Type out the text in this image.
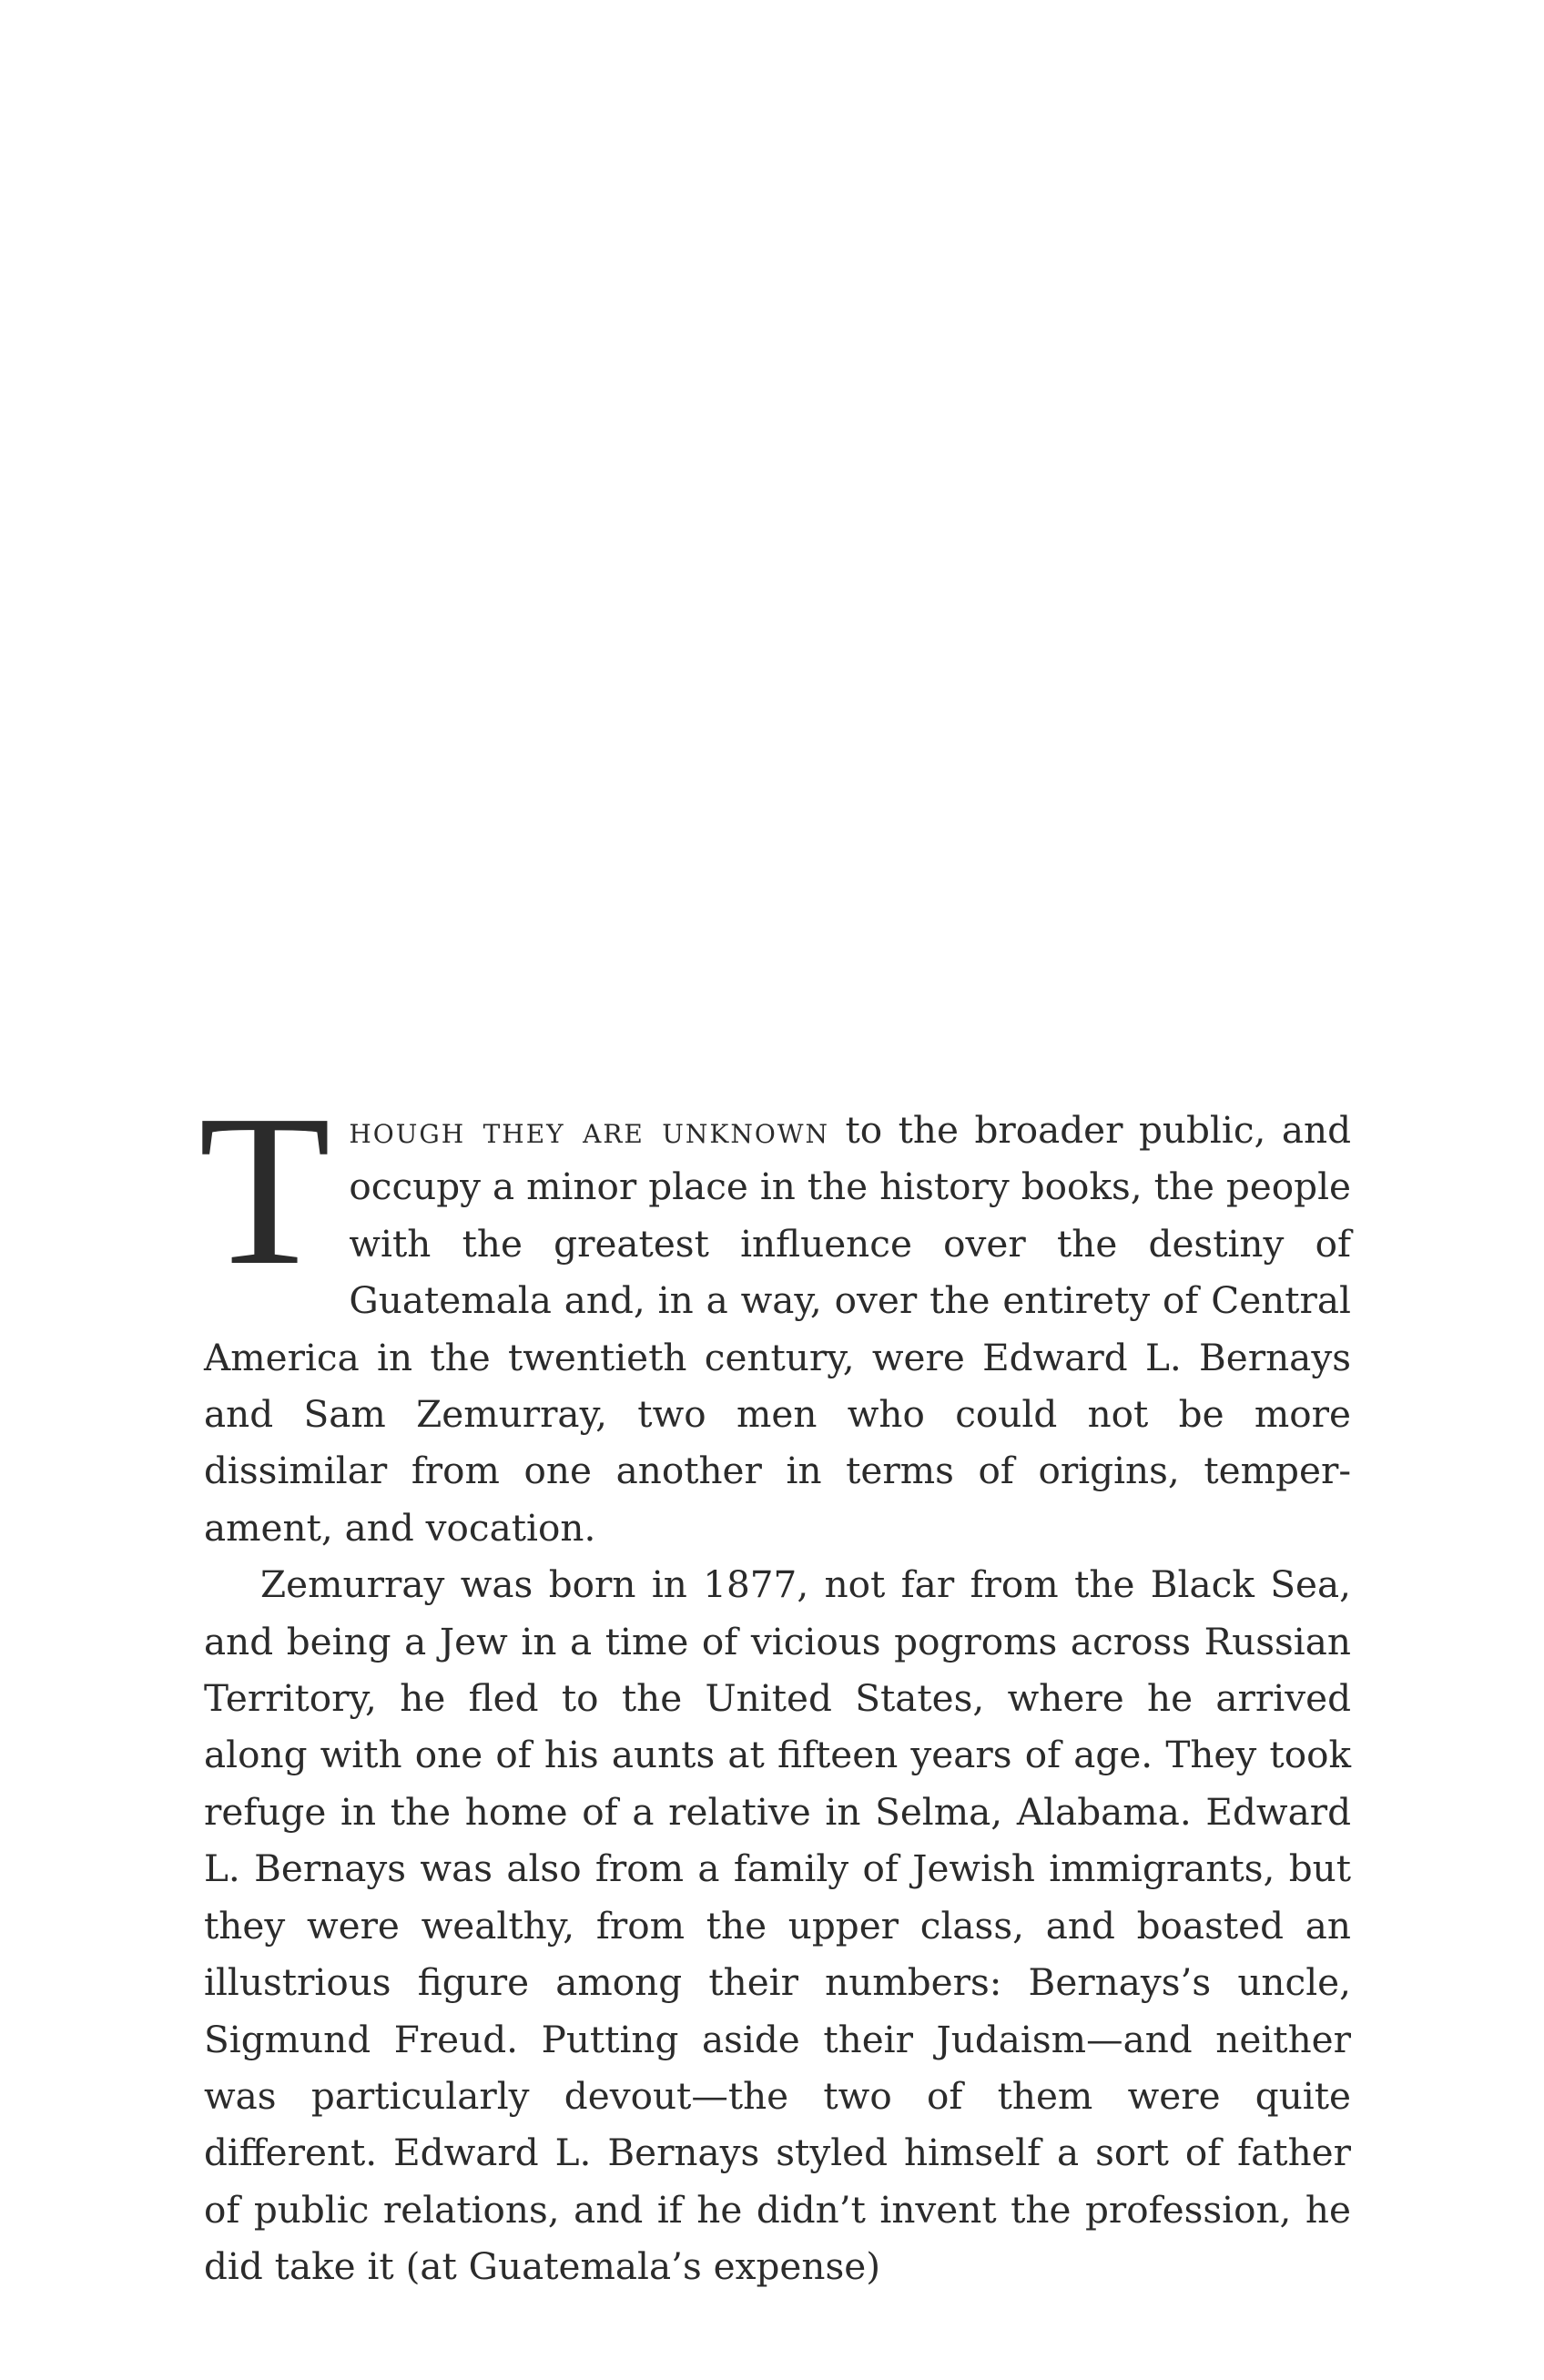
Though they are unknown to the broader public, and occupy a minor place in the history books, the people with the greatest influence over the destiny of Guatemala and, in a way, over the entirety of Central America in the twentieth century, were Edward L. Bernays and Sam Zemurray, two men who could not be more dissimilar from one another in terms of origins, temperament, and vocation.

Zemurray was born in 1877, not far from the Black Sea, and being a Jew in a time of vicious pogroms across Russian Territory, he fled to the United States, where he arrived along with one of his aunts at fifteen years of age. They took refuge in the home of a relative in Selma, Alabama. Edward L. Bernays was also from a family of Jewish immigrants, but they were wealthy, from the upper class, and boasted an illustrious figure among their numbers: Bernays’s uncle, Sigmund Freud. Putting aside their Judaism—and neither was particularly devout—the two of them were quite different. Edward L. Bernays styled himself a sort of father of public relations, and if he didn’t invent the profession, he did take it (at Guatemala’s expense)
